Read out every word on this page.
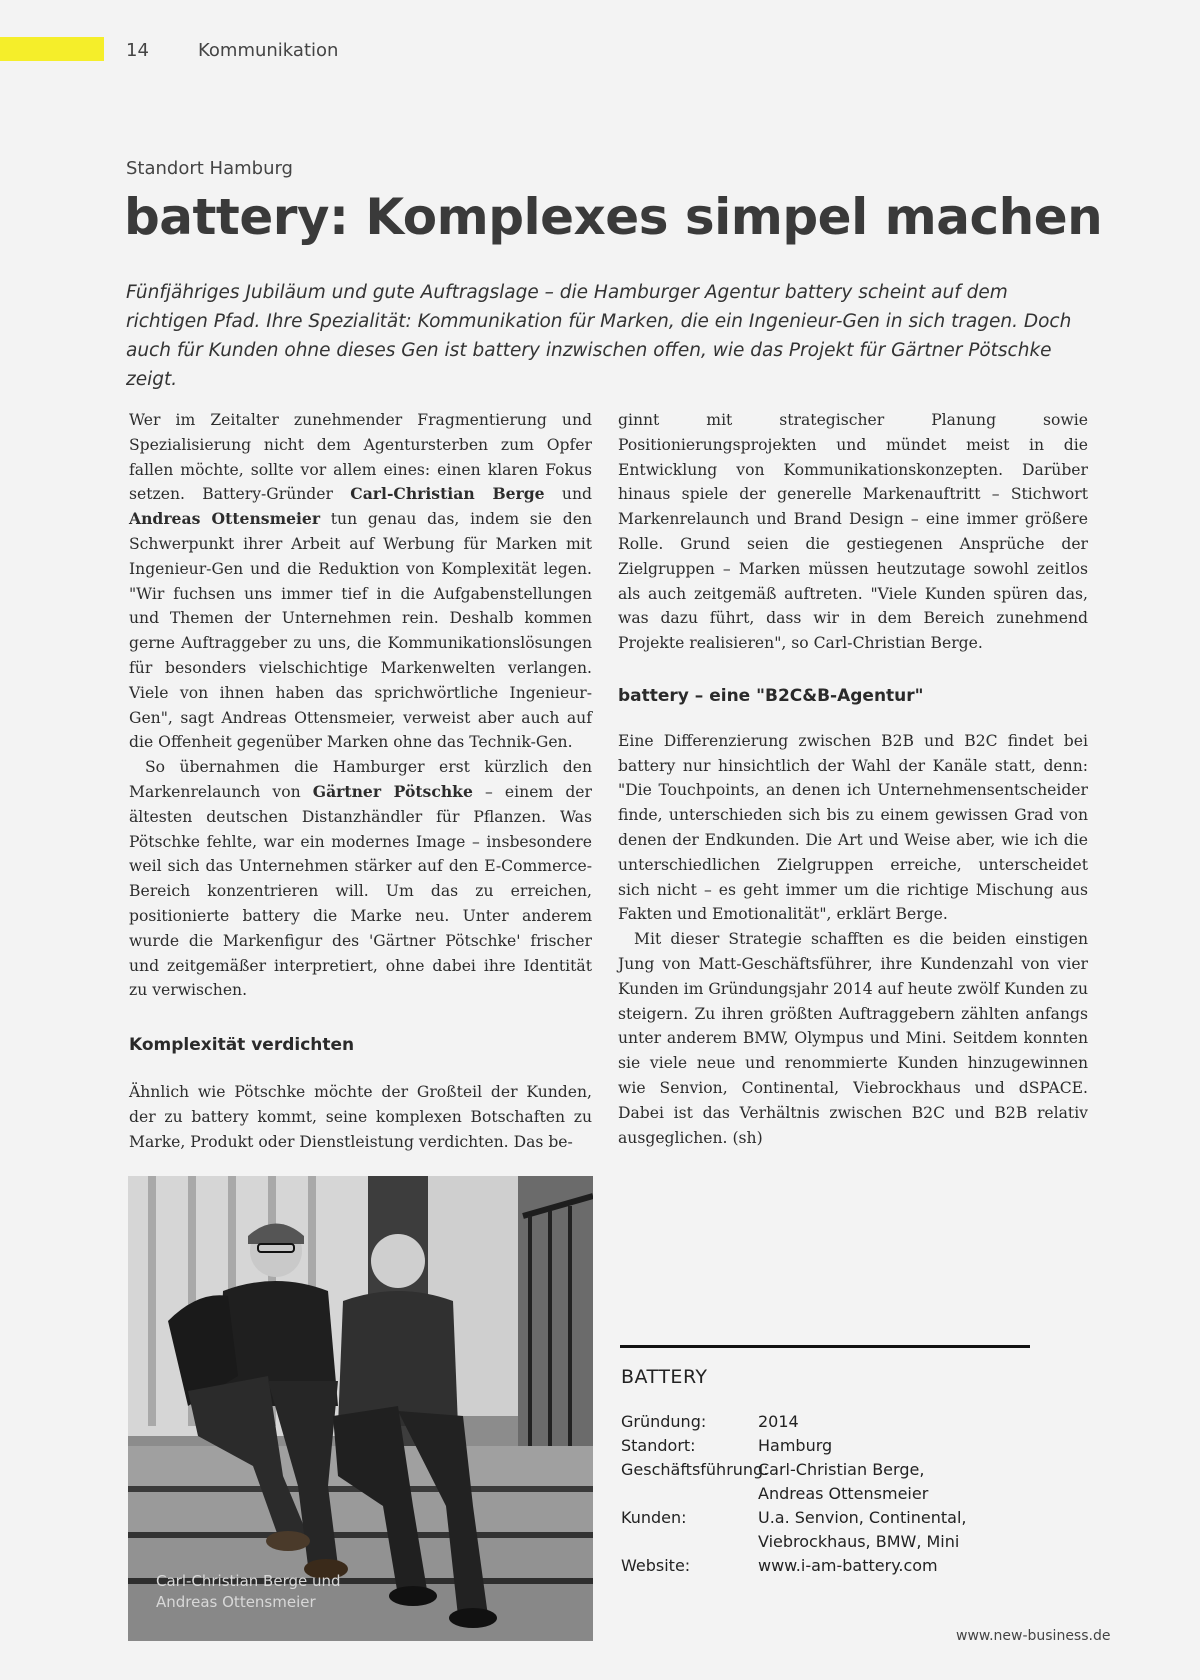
14	Kommunikation
Standort Hamburg
battery: Komplexes simpel machen
Fünfjähriges Jubiläum und gute Auftragslage – die Hamburger Agentur battery scheint auf dem richtigen Pfad. Ihre Spezialität: Kommunikation für Marken, die ein Ingenieur-Gen in sich tragen. Doch auch für Kunden ohne dieses Gen ist battery inzwischen offen, wie das Projekt für Gärtner Pötschke zeigt.

Wer im Zeitalter zunehmender Fragmentierung und Spezialisierung nicht dem Agentursterben zum Opfer fallen möchte, sollte vor allem eines: einen klaren Fokus setzen. Battery-Gründer Carl-Christian Berge und Andreas Ottensmeier tun genau das, indem sie den Schwerpunkt ihrer Arbeit auf Werbung für Marken mit Ingenieur-Gen und die Reduktion von Komplexität legen. "Wir fuchsen uns immer tief in die Aufgabenstellungen und Themen der Unternehmen rein. Deshalb kommen gerne Auftraggeber zu uns, die Kommunikationslösungen für besonders vielschichtige Markenwelten verlangen. Viele von ihnen haben das sprichwörtliche Ingenieur-Gen", sagt Andreas Ottensmeier, verweist aber auch auf die Offenheit gegenüber Marken ohne das Technik-Gen.

So übernahmen die Hamburger erst kürzlich den Markenrelaunch von Gärtner Pötschke – einem der ältesten deutschen Distanzhändler für Pflanzen. Was Pötschke fehlte, war ein modernes Image – insbesondere weil sich das Unternehmen stärker auf den E-Commerce-Bereich konzentrieren will. Um das zu erreichen, positionierte battery die Marke neu. Unter anderem wurde die Markenfigur des 'Gärtner Pötschke' frischer und zeitgemäßer interpretiert, ohne dabei ihre Identität zu verwischen.

Komplexität verdichten

Ähnlich wie Pötschke möchte der Großteil der Kunden, der zu battery kommt, seine komplexen Botschaften zu Marke, Produkt oder Dienstleistung verdichten. Das be-

ginnt mit strategischer Planung sowie Positionierungsprojekten und mündet meist in die Entwicklung von Kommunikationskonzepten. Darüber hinaus spiele der generelle Markenauftritt – Stichwort Markenrelaunch und Brand Design – eine immer größere Rolle. Grund seien die gestiegenen Ansprüche der Zielgruppen – Marken müssen heutzutage sowohl zeitlos als auch zeitgemäß auftreten. "Viele Kunden spüren das, was dazu führt, dass wir in dem Bereich zunehmend Projekte realisieren", so Carl-Christian Berge.

battery – eine "B2C&B-Agentur"

Eine Differenzierung zwischen B2B und B2C findet bei battery nur hinsichtlich der Wahl der Kanäle statt, denn: "Die Touchpoints, an denen ich Unternehmensentscheider finde, unterschieden sich bis zu einem gewissen Grad von denen der Endkunden. Die Art und Weise aber, wie ich die unterschiedlichen Zielgruppen erreiche, unterscheidet sich nicht – es geht immer um die richtige Mischung aus Fakten und Emotionalität", erklärt Berge.

Mit dieser Strategie schafften es die beiden einstigen Jung von Matt-Geschäftsführer, ihre Kundenzahl von vier Kunden im Gründungsjahr 2014 auf heute zwölf Kunden zu steigern. Zu ihren größten Auftraggebern zählten anfangs unter anderem BMW, Olympus und Mini. Seitdem konnten sie viele neue und renommierte Kunden hinzugewinnen wie Senvion, Continental, Viebrockhaus und dSPACE. Dabei ist das Verhältnis zwischen B2C und B2B relativ ausgeglichen. (sh)

Carl-Christian Berge und
Andreas Ottensmeier
BATTERY
Gründung:	2014
Standort:	Hamburg
Geschäftsführung:
Carl-Christian Berge, Andreas Ottensmeier
Kunden:	U.a. Senvion, Continental, Viebrockhaus, BMW, Mini
Website:	www.i-am-battery.com
www.new-business.de
